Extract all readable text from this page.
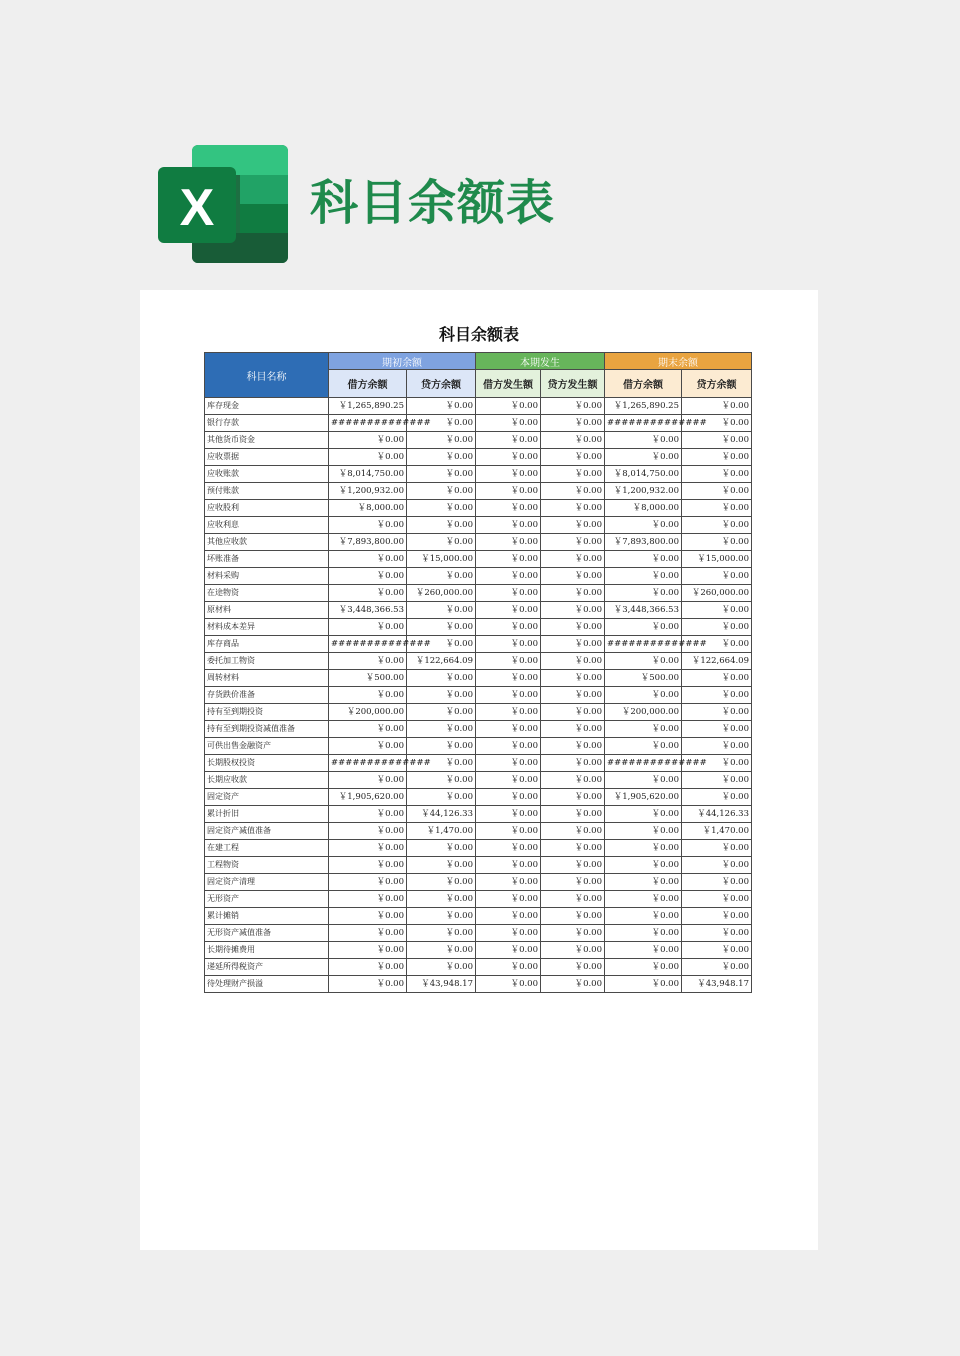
X 科目余额表
科目余额表
科目名称	期初余额		本期发生		期末余额	
	借方余额	贷方余额	借方发生额	贷方发生额	借方余额	贷方余额
库存现金	￥1,265,890.25	￥0.00	￥0.00	￥0.00	￥1,265,890.25	￥0.00
银行存款	##############	￥0.00	￥0.00	￥0.00	##############	￥0.00
其他货币资金	￥0.00	￥0.00	￥0.00	￥0.00	￥0.00	￥0.00
应收票据	￥0.00	￥0.00	￥0.00	￥0.00	￥0.00	￥0.00
应收账款	￥8,014,750.00	￥0.00	￥0.00	￥0.00	￥8,014,750.00	￥0.00
预付账款	￥1,200,932.00	￥0.00	￥0.00	￥0.00	￥1,200,932.00	￥0.00
应收股利	￥8,000.00	￥0.00	￥0.00	￥0.00	￥8,000.00	￥0.00
应收利息	￥0.00	￥0.00	￥0.00	￥0.00	￥0.00	￥0.00
其他应收款	￥7,893,800.00	￥0.00	￥0.00	￥0.00	￥7,893,800.00	￥0.00
坏账准备	￥0.00	￥15,000.00	￥0.00	￥0.00	￥0.00	￥15,000.00
材料采购	￥0.00	￥0.00	￥0.00	￥0.00	￥0.00	￥0.00
在途物资	￥0.00	￥260,000.00	￥0.00	￥0.00	￥0.00	￥260,000.00
原材料	￥3,448,366.53	￥0.00	￥0.00	￥0.00	￥3,448,366.53	￥0.00
材料成本差异	￥0.00	￥0.00	￥0.00	￥0.00	￥0.00	￥0.00
库存商品	##############	￥0.00	￥0.00	￥0.00	##############	￥0.00
委托加工物资	￥0.00	￥122,664.09	￥0.00	￥0.00	￥0.00	￥122,664.09
周转材料	￥500.00	￥0.00	￥0.00	￥0.00	￥500.00	￥0.00
存货跌价准备	￥0.00	￥0.00	￥0.00	￥0.00	￥0.00	￥0.00
持有至到期投资	￥200,000.00	￥0.00	￥0.00	￥0.00	￥200,000.00	￥0.00
持有至到期投资减值准备	￥0.00	￥0.00	￥0.00	￥0.00	￥0.00	￥0.00
可供出售金融资产	￥0.00	￥0.00	￥0.00	￥0.00	￥0.00	￥0.00
长期股权投资	##############	￥0.00	￥0.00	￥0.00	##############	￥0.00
长期应收款	￥0.00	￥0.00	￥0.00	￥0.00	￥0.00	￥0.00
固定资产	￥1,905,620.00	￥0.00	￥0.00	￥0.00	￥1,905,620.00	￥0.00
累计折旧	￥0.00	￥44,126.33	￥0.00	￥0.00	￥0.00	￥44,126.33
固定资产减值准备	￥0.00	￥1,470.00	￥0.00	￥0.00	￥0.00	￥1,470.00
在建工程	￥0.00	￥0.00	￥0.00	￥0.00	￥0.00	￥0.00
工程物资	￥0.00	￥0.00	￥0.00	￥0.00	￥0.00	￥0.00
固定资产清理	￥0.00	￥0.00	￥0.00	￥0.00	￥0.00	￥0.00
无形资产	￥0.00	￥0.00	￥0.00	￥0.00	￥0.00	￥0.00
累计摊销	￥0.00	￥0.00	￥0.00	￥0.00	￥0.00	￥0.00
无形资产减值准备	￥0.00	￥0.00	￥0.00	￥0.00	￥0.00	￥0.00
长期待摊费用	￥0.00	￥0.00	￥0.00	￥0.00	￥0.00	￥0.00
递延所得税资产	￥0.00	￥0.00	￥0.00	￥0.00	￥0.00	￥0.00
待处理财产损溢	￥0.00	￥43,948.17	￥0.00	￥0.00	￥0.00	￥43,948.17
